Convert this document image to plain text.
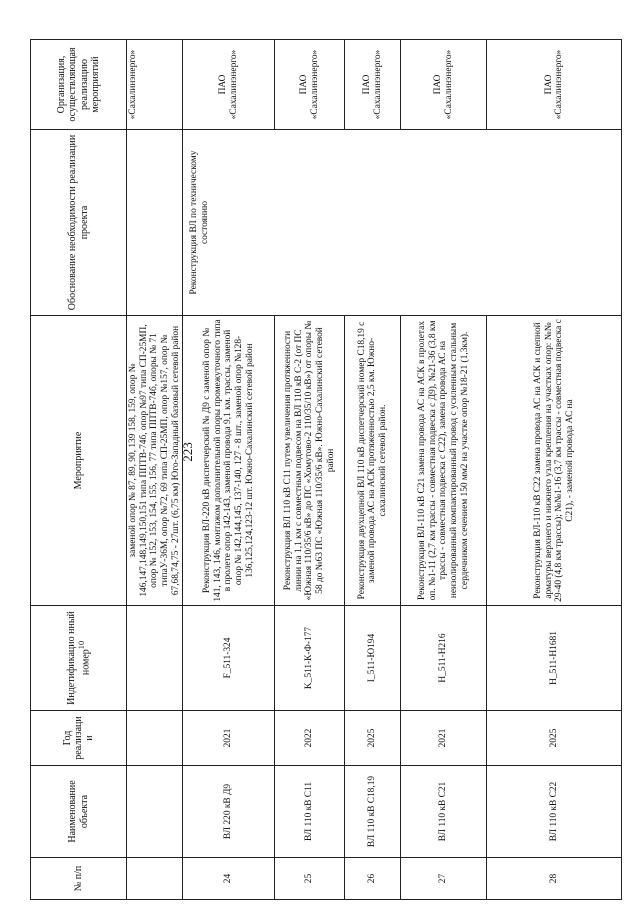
223
№ п/п	Наименование объекта	Год реализаци и	Индетификацио нный номер$^{10}$	Мероприятие	Обоснование необходимости реализации проекта	Организация, осуществляющая реализацию мероприятий
				заменой опор № 87, 89, 90, 139 158, 159, опор № 146,147,148,149,150,151 типа ППТВ-74б, опор №97 типа СП-25МП, опор № 152, 153, 154, 155, 156, 77 типа ППТВ-74б, опоры № 71 типаУ-36М, опор №72, 69 типа СП-25МП, опор №157, опор № 67,68,74,75 - 27шт. (6,75 км) Юго-Западный базовый сетевой район		«Сахалинэнерго»
24	ВЛ 220 кВ Д9	2021	F_511-324	Реконструкция ВЛ-220 кВ диспетчерский № Д9 с заменой опор № 141, 143, 146, монтажом дополнительной опоры промежуточного типа в пролете опор 142-143, заменой провода 9,1 км. трассы, заменой опор № 142,144,145, 137-140, 127 - 8 шт., заменой опор №128-136,125,124,123-12 шт. Южно-Сахалинский сетевой район	Реконструкция ВЛ по техническому состоянию	ПАО «Сахалинэнерго»
25	ВЛ 110 кВ С11	2022	K_511-К-Ф-177	Реконструкция ВЛ 110 кВ С11 путем увеличения протяженности линии на 1,1 км с совместным подвесом на ВЛ 110 кВ С-2 (от ПС «Южная 110/35/6 кВ» до ПС «Хомутово-2 110/35/10 кВ») от опоры № 58 до №63 ПС «Южная 110/35/6 кВ». Южно-Сахалинский сетевой район		ПАО «Сахалинэнерго»
26	ВЛ 110 кВ С18,19	2025	I_511-Ю194	Реконструкция двухцепной ВЛ 110 кВ диспетчерский номер С18,19 с заменой провода АС на АСК протяженностью 2,5 км. Южно-сахалинский сетевой район.		ПАО «Сахалинэнерго»
27	ВЛ 110 кВ С21	2021	H_511-H216	Реконструкция ВЛ-110 кВ С21 замена провода АС на АСК в пролетах оп. №1-11 (2,7 км трассы - совместная подвеска с Д9), №21-36 (3,8 км трассы - совместная подвеска с С22), замена провода АС на неизолированный компактированный провод с усиленным стальным сердечником сечением 150 мм2 на участке опор №18-21 (1,3км).		ПАО «Сахалинэнерго»
28	ВЛ 110 кВ С22	2025	H_511-H1681	Реконструкция ВЛ-110 кВ С22 замена провода АС на АСК и сцепной арматуры верхнего и нижнего узла крепления на участках опор: №№ 29-40 (4,8 км трассы); №№1-16 (3,7 км трассы - совместная подвеска с С21), - заменой провода АС на		ПАО «Сахалинэнерго»
